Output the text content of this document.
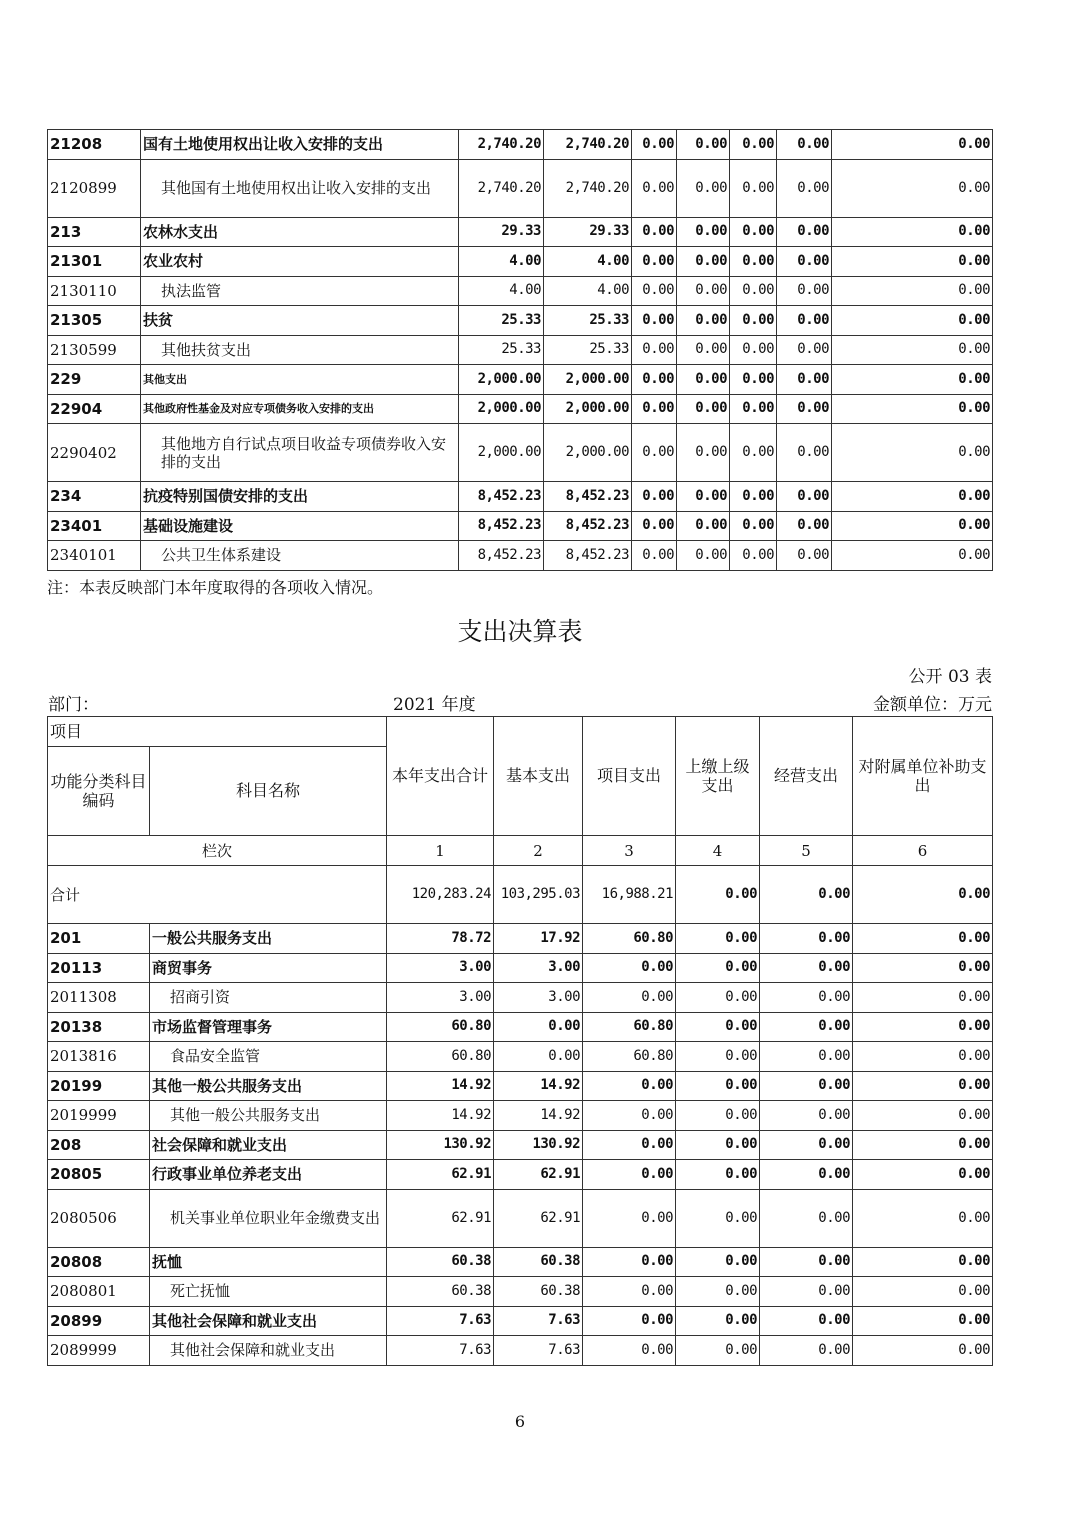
21208	国有土地使用权出让收入安排的支出	2,740.20	2,740.20	0.00	0.00	0.00	0.00	0.00
2120899	其他国有土地使用权出让收入安排的支出	2,740.20	2,740.20	0.00	0.00	0.00	0.00	0.00
213	农林水支出	29.33	29.33	0.00	0.00	0.00	0.00	0.00
21301	农业农村	4.00	4.00	0.00	0.00	0.00	0.00	0.00
2130110	执法监管	4.00	4.00	0.00	0.00	0.00	0.00	0.00
21305	扶贫	25.33	25.33	0.00	0.00	0.00	0.00	0.00
2130599	其他扶贫支出	25.33	25.33	0.00	0.00	0.00	0.00	0.00
229	其他支出	2,000.00	2,000.00	0.00	0.00	0.00	0.00	0.00
22904	其他政府性基金及对应专项债务收入安排的支出	2,000.00	2,000.00	0.00	0.00	0.00	0.00	0.00
2290402	其他地方自行试点项目收益专项债券收入安排的支出	2,000.00	2,000.00	0.00	0.00	0.00	0.00	0.00
234	抗疫特别国债安排的支出	8,452.23	8,452.23	0.00	0.00	0.00	0.00	0.00
23401	基础设施建设	8,452.23	8,452.23	0.00	0.00	0.00	0.00	0.00
2340101	公共卫生体系建设	8,452.23	8,452.23	0.00	0.00	0.00	0.00	0.00
注：本表反映部门本年度取得的各项收入情况。
支出决算表
公开 03 表
部门：	2021 年度	金额单位：万元
项目		本年支出合计	基本支出	项目支出	上缴上级支出	经营支出	对附属单位补助支出
功能分类科目编码	科目名称						
栏次		1	2	3	4	5	6
合计		120,283.24	103,295.03	16,988.21	0.00	0.00	0.00
201	一般公共服务支出	78.72	17.92	60.80	0.00	0.00	0.00
20113	商贸事务	3.00	3.00	0.00	0.00	0.00	0.00
2011308	招商引资	3.00	3.00	0.00	0.00	0.00	0.00
20138	市场监督管理事务	60.80	0.00	60.80	0.00	0.00	0.00
2013816	食品安全监管	60.80	0.00	60.80	0.00	0.00	0.00
20199	其他一般公共服务支出	14.92	14.92	0.00	0.00	0.00	0.00
2019999	其他一般公共服务支出	14.92	14.92	0.00	0.00	0.00	0.00
208	社会保障和就业支出	130.92	130.92	0.00	0.00	0.00	0.00
20805	行政事业单位养老支出	62.91	62.91	0.00	0.00	0.00	0.00
2080506	机关事业单位职业年金缴费支出	62.91	62.91	0.00	0.00	0.00	0.00
20808	抚恤	60.38	60.38	0.00	0.00	0.00	0.00
2080801	死亡抚恤	60.38	60.38	0.00	0.00	0.00	0.00
20899	其他社会保障和就业支出	7.63	7.63	0.00	0.00	0.00	0.00
2089999	其他社会保障和就业支出	7.63	7.63	0.00	0.00	0.00	0.00
6
